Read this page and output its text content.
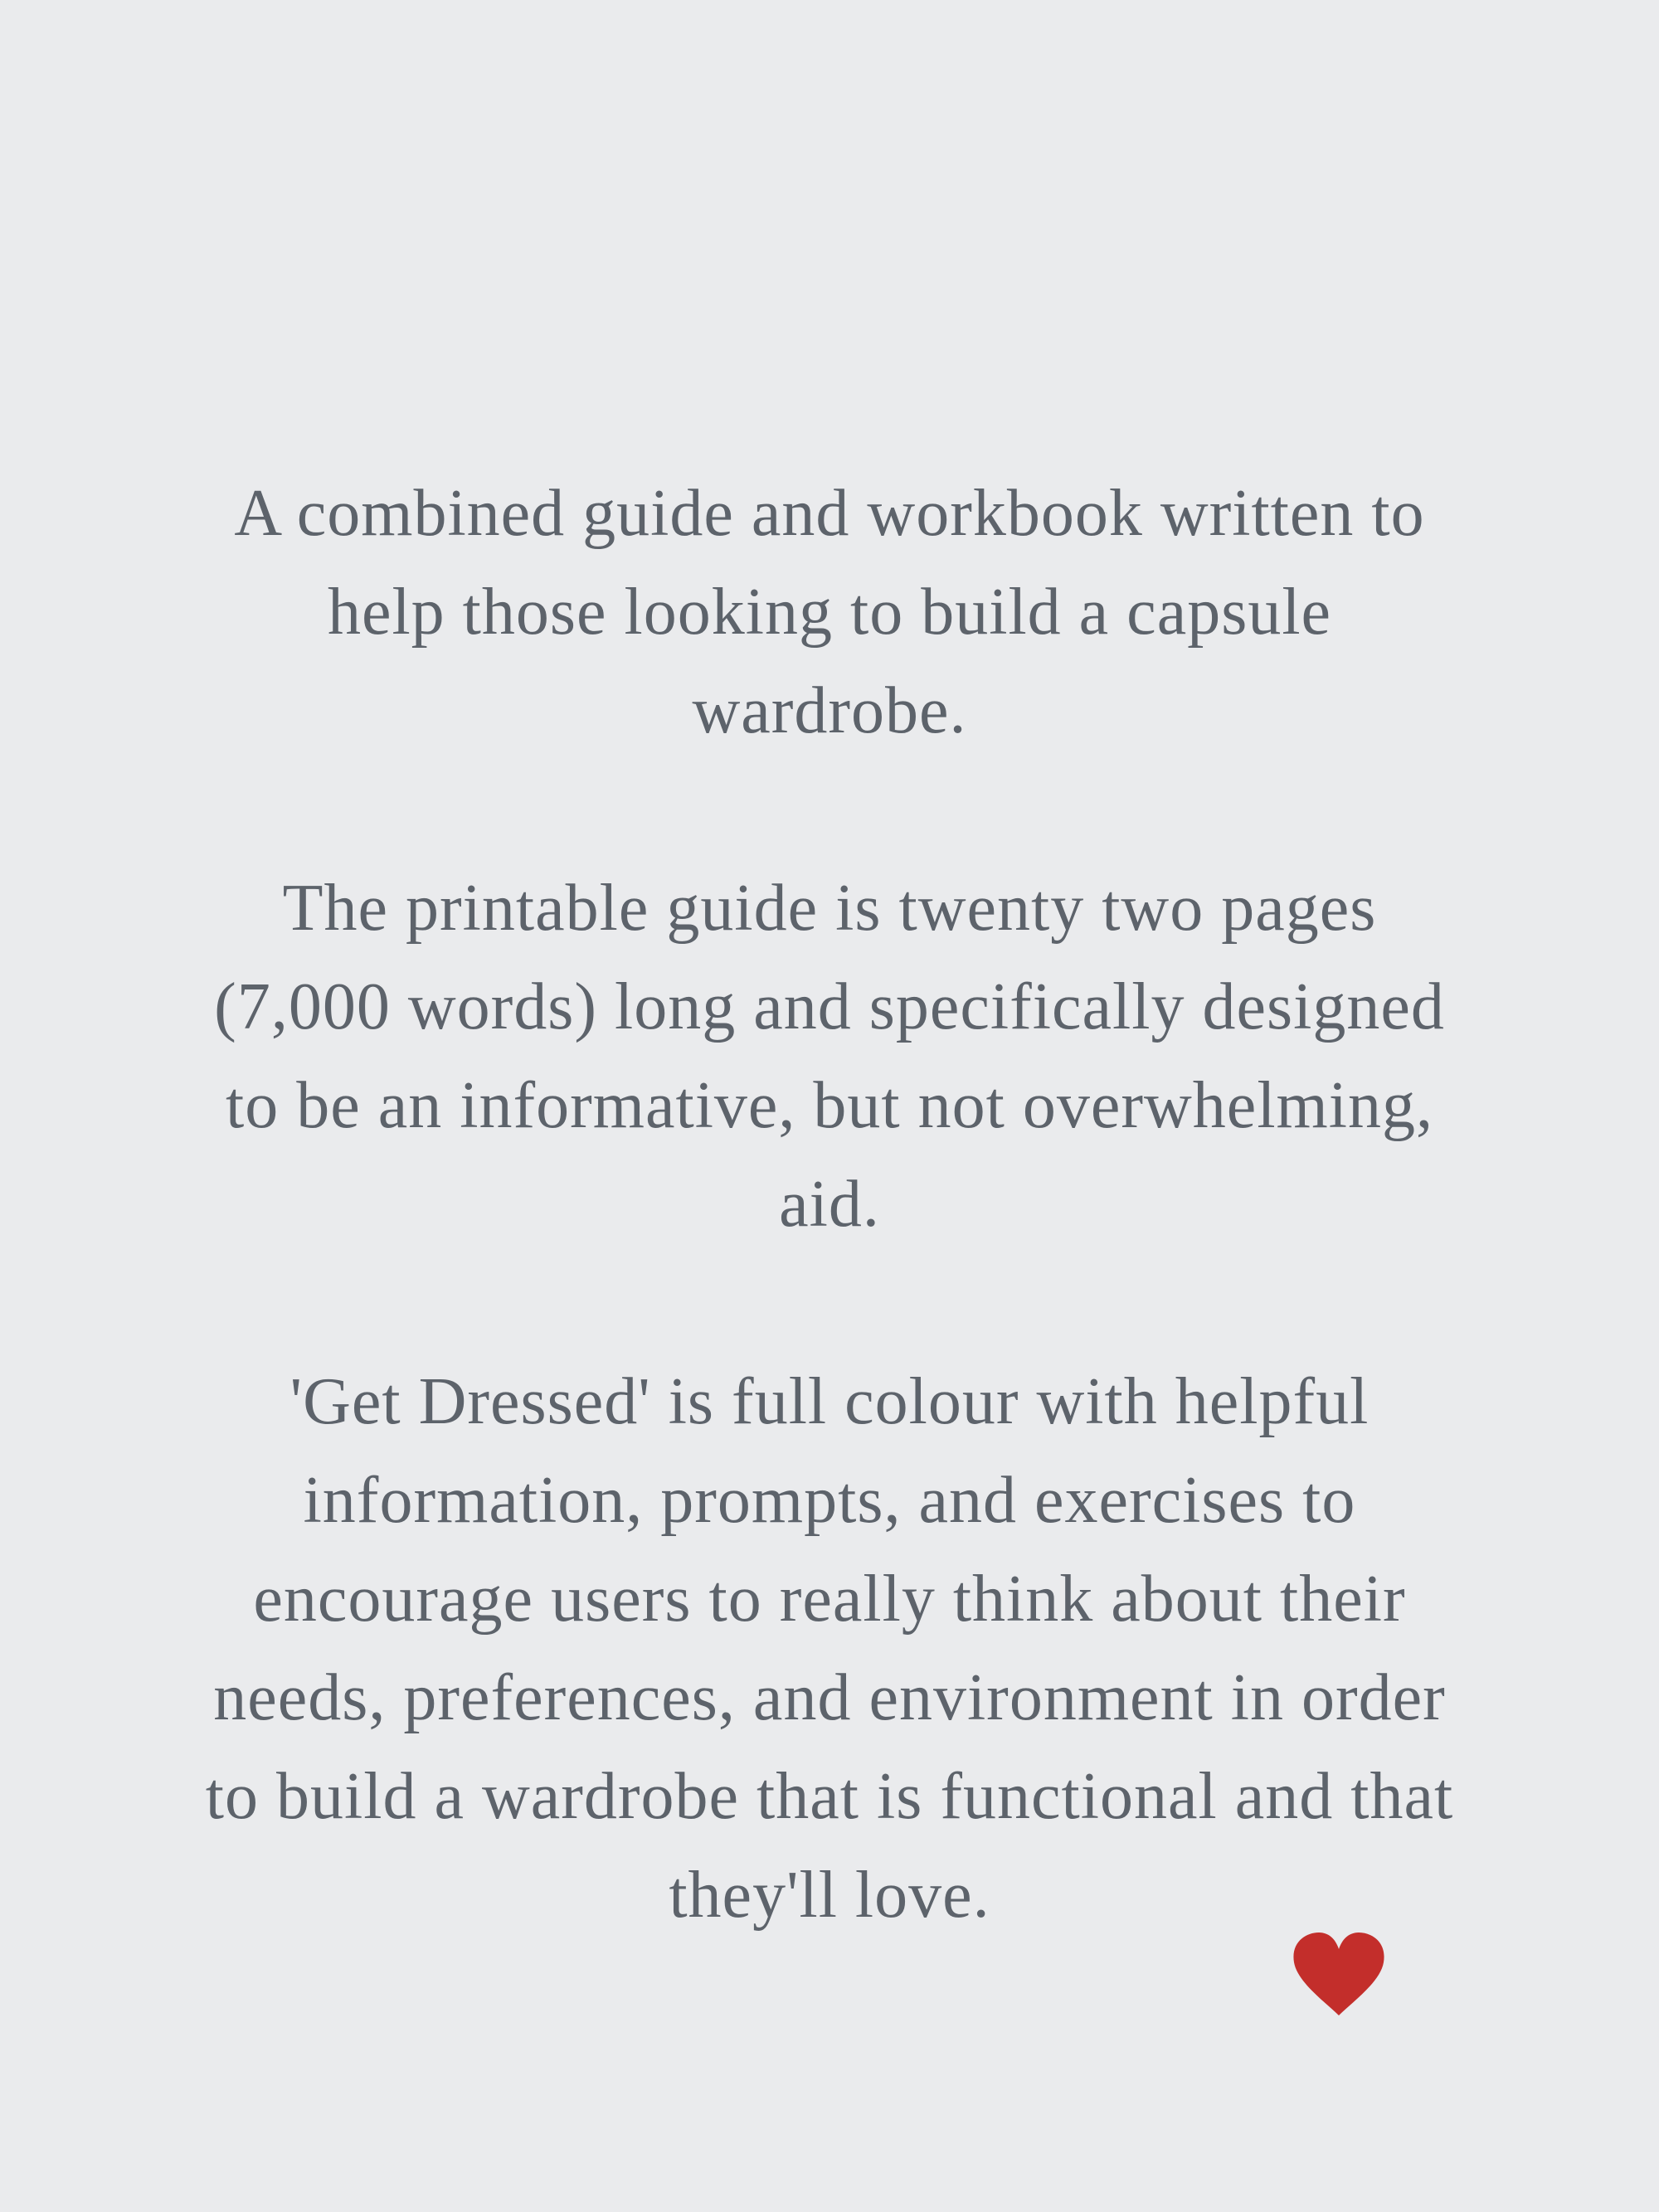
A combined guide and workbook written to
help those looking to build a capsule
wardrobe.

The printable guide is twenty two pages
(7,000 words) long and specifically designed
to be an informative, but not overwhelming,
aid.

'Get Dressed' is full colour with helpful
information, prompts, and exercises to
encourage users to really think about their
needs, preferences, and environment in order
to build a wardrobe that is functional and that
they'll love.
